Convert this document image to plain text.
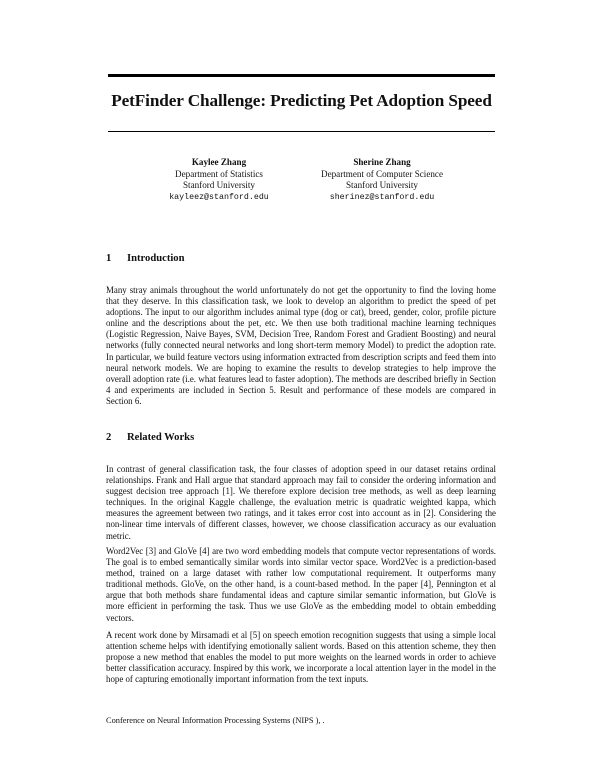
PetFinder Challenge: Predicting Pet Adoption Speed
Kaylee Zhang
Department of Statistics
Stanford University
kayleez@stanford.edu
Sherine Zhang
Department of Computer Science
Stanford University
sherinez@stanford.edu
1 Introduction

Many stray animals throughout the world unfortunately do not get the opportunity to find the loving home that they deserve. In this classification task, we look to develop an algorithm to predict the speed of pet adoptions. The input to our algorithm includes animal type (dog or cat), breed, gender, color, profile picture online and the descriptions about the pet, etc. We then use both traditional machine learning techniques (Logistic Regression, Naive Bayes, SVM, Decision Tree, Random Forest and Gradient Boosting) and neural networks (fully connected neural networks and long short-term memory Model) to predict the adoption rate. In particular, we build feature vectors using information extracted from description scripts and feed them into neural network models. We are hoping to examine the results to develop strategies to help improve the overall adoption rate (i.e. what features lead to faster adoption). The methods are described briefly in Section 4 and experiments are included in Section 5. Result and performance of these models are compared in Section 6.

2 Related Works

In contrast of general classification task, the four classes of adoption speed in our dataset retains ordinal relationships. Frank and Hall argue that standard approach may fail to consider the ordering information and suggest decision tree approach [1]. We therefore explore decision tree methods, as well as deep learning techniques. In the original Kaggle challenge, the evaluation metric is quadratic weighted kappa, which measures the agreement between two ratings, and it takes error cost into account as in [2]. Considering the non-linear time intervals of different classes, however, we choose classification accuracy as our evaluation metric.

Word2Vec [3] and GloVe [4] are two word embedding models that compute vector representations of words. The goal is to embed semantically similar words into similar vector space. Word2Vec is a prediction-based method, trained on a large dataset with rather low computational requirement. It outperforms many traditional methods. GloVe, on the other hand, is a count-based method. In the paper [4], Pennington et al argue that both methods share fundamental ideas and capture similar semantic information, but GloVe is more efficient in performing the task. Thus we use GloVe as the embedding model to obtain embedding vectors.

A recent work done by Mirsamadi et al [5] on speech emotion recognition suggests that using a simple local attention scheme helps with identifying emotionally salient words. Based on this attention scheme, they then propose a new method that enables the model to put more weights on the learned words in order to achieve better classification accuracy. Inspired by this work, we incorporate a local attention layer in the model in the hope of capturing emotionally important information from the text inputs.

Conference on Neural Information Processing Systems (NIPS ), .
